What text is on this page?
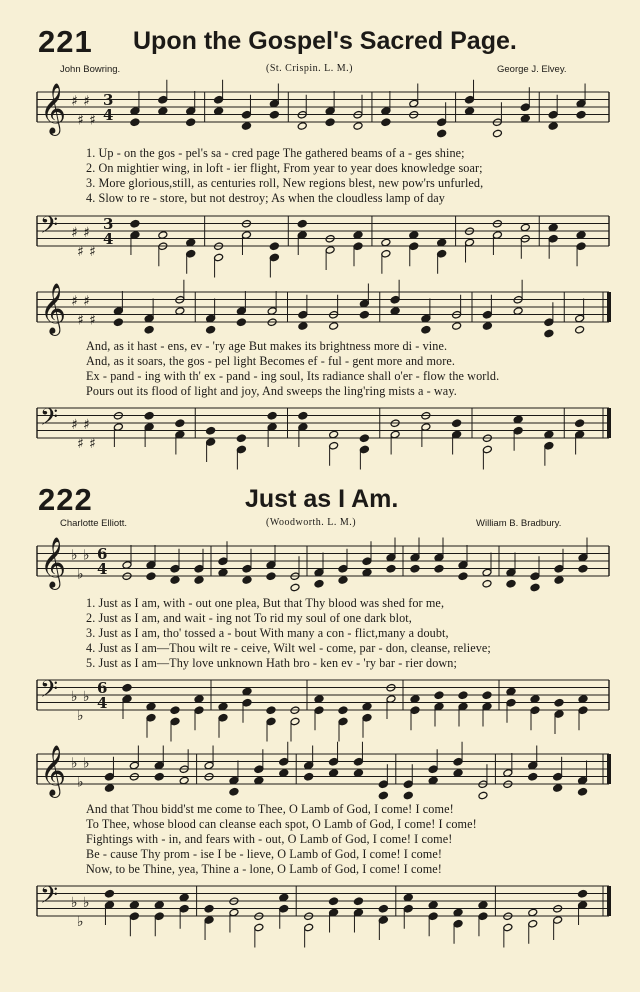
221 Upon the Gospel's Sacred Page.
John Bowring.	(St. Crispin. L. M.)	George J. Elvey.
𝄞 ♯
♯
♯
♯
3
4
1. Up - on the gos - pel's sa - cred page The gathered beams of a - ges shine;
2. On mightier wing, in loft - ier flight, From year to year does knowledge soar;
3. More glorious,still, as centuries roll, New regions blest, new pow'rs unfurled,
4. Slow to re - store, but not destroy; As when the cloudless lamp of day
𝄢 ♯
♯
♯
♯
3
4
𝄞 ♯
♯
♯
♯
And, as it hast - ens, ev - 'ry age But makes its brightness more di - vine.
And, as it soars, the gos - pel light Becomes ef - ful - gent more and more.
Ex - pand - ing with th' ex - pand - ing soul, Its radiance shall o'er - flow the world.
Pours out its flood of light and joy, And sweeps the ling'ring mists a - way.
𝄢 ♯
♯
♯
♯
222	Just as I Am.
Charlotte Elliott.	(Woodworth. L. M.)	William B. Bradbury.
𝄞 ♭
♭
♭ 6
4
1. Just as I am, with - out one plea, But that Thy blood was shed for me,
2. Just as I am, and wait - ing not To rid my soul of one dark blot,
3. Just as I am, tho' tossed a - bout With many a con - flict,many a doubt,
4. Just as I am—Thou wilt re - ceive, Wilt wel - come, par - don, cleanse, relieve;
5. Just as I am—Thy love unknown Hath bro - ken ev - 'ry bar - rier down;
𝄢 ♭
♭
♭ 6
4
𝄞 ♭
♭
♭
And that Thou bidd'st me come to Thee, O Lamb of God, I come! I come!
To Thee, whose blood can cleanse each spot, O Lamb of God, I come! I come!
Fightings with - in, and fears with - out, O Lamb of God, I come! I come!
Be - cause Thy prom - ise I be - lieve, O Lamb of God, I come! I come!
Now, to be Thine, yea, Thine a - lone, O Lamb of God, I come! I come!
𝄢 ♭
♭
♭
